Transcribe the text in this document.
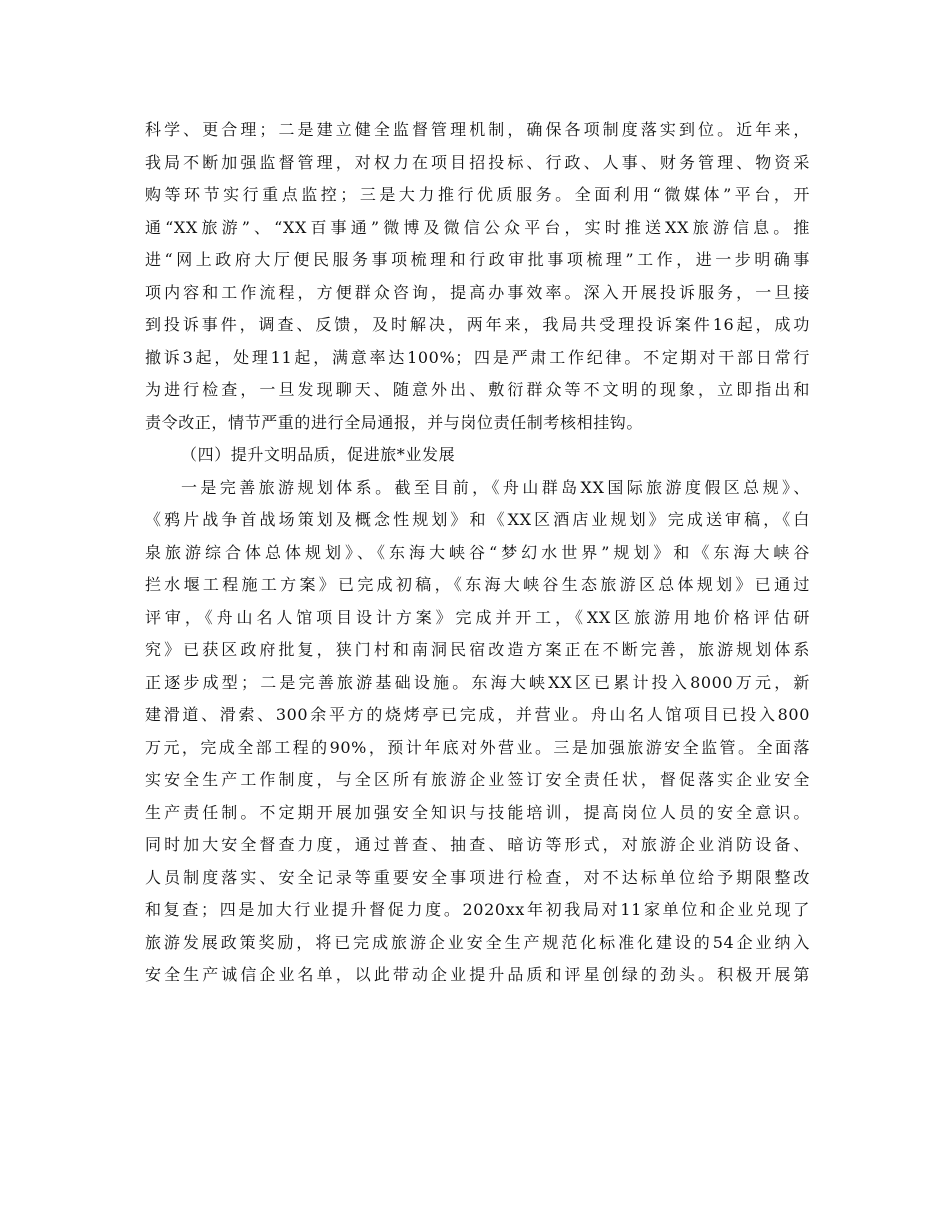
科学、更合理；二是建立健全监督管理机制，确保各项制度落实到位。近年来，
我局不断加强监督管理，对权力在项目招投标、行政、人事、财务管理、物资采
购等环节实行重点监控；三是大力推行优质服务。全面利用“微媒体”平台，开
通“XX旅游”、“XX百事通”微博及微信公众平台，实时推送XX旅游信息。推
进“网上政府大厅便民服务事项梳理和行政审批事项梳理”工作，进一步明确事
项内容和工作流程，方便群众咨询，提高办事效率。深入开展投诉服务，一旦接
到投诉事件，调查、反馈，及时解决，两年来，我局共受理投诉案件16起，成功
撤诉3起，处理11起，满意率达100%；四是严肃工作纪律。不定期对干部日常行
为进行检查，一旦发现聊天、随意外出、敷衍群众等不文明的现象，立即指出和
责令改正，情节严重的进行全局通报，并与岗位责任制考核相挂钩。
（四）提升文明品质，促进旅*业发展
一是完善旅游规划体系。截至目前，《舟山群岛XX国际旅游度假区总规》、
《鸦片战争首战场策划及概念性规划》和《XX区酒店业规划》完成送审稿，《白
泉旅游综合体总体规划》、《东海大峡谷“梦幻水世界”规划》和《东海大峡谷
拦水堰工程施工方案》已完成初稿，《东海大峡谷生态旅游区总体规划》已通过
评审，《舟山名人馆项目设计方案》完成并开工，《XX区旅游用地价格评估研
究》已获区政府批复，狭门村和南洞民宿改造方案正在不断完善，旅游规划体系
正逐步成型；二是完善旅游基础设施。东海大峡XX区已累计投入8000万元，新
建滑道、滑索、300余平方的烧烤亭已完成，并营业。舟山名人馆项目已投入800
万元，完成全部工程的90%，预计年底对外营业。三是加强旅游安全监管。全面落
实安全生产工作制度，与全区所有旅游企业签订安全责任状，督促落实企业安全
生产责任制。不定期开展加强安全知识与技能培训，提高岗位人员的安全意识。
同时加大安全督查力度，通过普查、抽查、暗访等形式，对旅游企业消防设备、
人员制度落实、安全记录等重要安全事项进行检查，对不达标单位给予期限整改
和复查；四是加大行业提升督促力度。2020xx年初我局对11家单位和企业兑现了
旅游发展政策奖励，将已完成旅游企业安全生产规范化标准化建设的54企业纳入
安全生产诚信企业名单，以此带动企业提升品质和评星创绿的劲头。积极开展第
